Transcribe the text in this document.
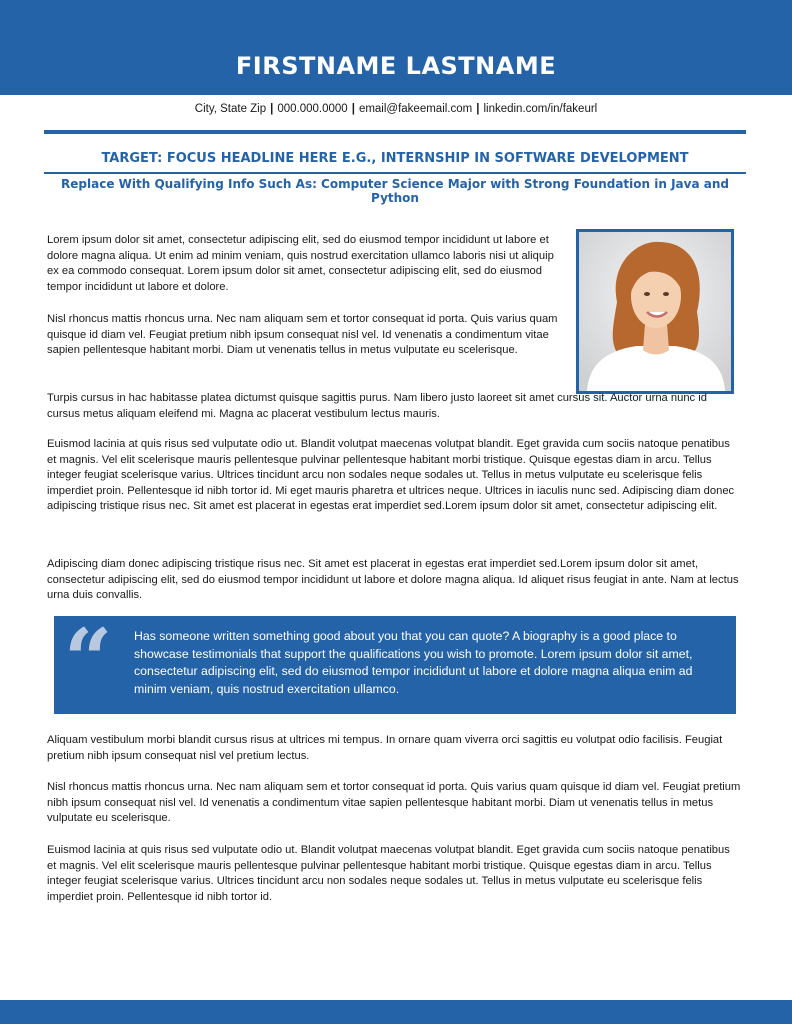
FIRSTNAME LASTNAME
City, State Zip | 000.000.0000 | email@fakeemail.com | linkedin.com/in/fakeurl
TARGET: FOCUS HEADLINE HERE E.G., INTERNSHIP IN SOFTWARE DEVELOPMENT
Replace With Qualifying Info Such As: Computer Science Major with Strong Foundation in Java and Python

Lorem ipsum dolor sit amet, consectetur adipiscing elit, sed do eiusmod tempor incididunt ut labore et dolore magna aliqua. Ut enim ad minim veniam, quis nostrud exercitation ullamco laboris nisi ut aliquip ex ea commodo consequat. Lorem ipsum dolor sit amet, consectetur adipiscing elit, sed do eiusmod tempor incididunt ut labore et dolore.

Nisl rhoncus mattis rhoncus urna. Nec nam aliquam sem et tortor consequat id porta. Quis varius quam quisque id diam vel. Feugiat pretium nibh ipsum consequat nisl vel. Id venenatis a condimentum vitae sapien pellentesque habitant morbi. Diam ut venenatis tellus in metus vulputate eu scelerisque.

Turpis cursus in hac habitasse platea dictumst quisque sagittis purus. Nam libero justo laoreet sit amet cursus sit. Auctor urna nunc id cursus metus aliquam eleifend mi. Magna ac placerat vestibulum lectus mauris.

Euismod lacinia at quis risus sed vulputate odio ut. Blandit volutpat maecenas volutpat blandit. Eget gravida cum sociis natoque penatibus et magnis. Vel elit scelerisque mauris pellentesque pulvinar pellentesque habitant morbi tristique. Quisque egestas diam in arcu. Tellus integer feugiat scelerisque varius. Ultrices tincidunt arcu non sodales neque sodales ut. Tellus in metus vulputate eu scelerisque felis imperdiet proin. Pellentesque id nibh tortor id. Mi eget mauris pharetra et ultrices neque. Ultrices in iaculis nunc sed. Adipiscing diam donec adipiscing tristique risus nec. Sit amet est placerat in egestas erat imperdiet sed.Lorem ipsum dolor sit amet, consectetur adipiscing elit.

Adipiscing diam donec adipiscing tristique risus nec. Sit amet est placerat in egestas erat imperdiet sed.Lorem ipsum dolor sit amet, consectetur adipiscing elit, sed do eiusmod tempor incididunt ut labore et dolore magna aliqua. Id aliquet risus feugiat in ante. Nam at lectus urna duis convallis.

“ Has someone written something good about you that you can quote? A biography is a good place to showcase testimonials that support the qualifications you wish to promote. Lorem ipsum dolor sit amet, consectetur adipiscing elit, sed do eiusmod tempor incididunt ut labore et dolore magna aliqua enim ad minim veniam, quis nostrud exercitation ullamco.

Aliquam vestibulum morbi blandit cursus risus at ultrices mi tempus. In ornare quam viverra orci sagittis eu volutpat odio facilisis. Feugiat pretium nibh ipsum consequat nisl vel pretium lectus.

Nisl rhoncus mattis rhoncus urna. Nec nam aliquam sem et tortor consequat id porta. Quis varius quam quisque id diam vel. Feugiat pretium nibh ipsum consequat nisl vel. Id venenatis a condimentum vitae sapien pellentesque habitant morbi. Diam ut venenatis tellus in metus vulputate eu scelerisque.

Euismod lacinia at quis risus sed vulputate odio ut. Blandit volutpat maecenas volutpat blandit. Eget gravida cum sociis natoque penatibus et magnis. Vel elit scelerisque mauris pellentesque pulvinar pellentesque habitant morbi tristique. Quisque egestas diam in arcu. Tellus integer feugiat scelerisque varius. Ultrices tincidunt arcu non sodales neque sodales ut. Tellus in metus vulputate eu scelerisque felis imperdiet proin. Pellentesque id nibh tortor id.
